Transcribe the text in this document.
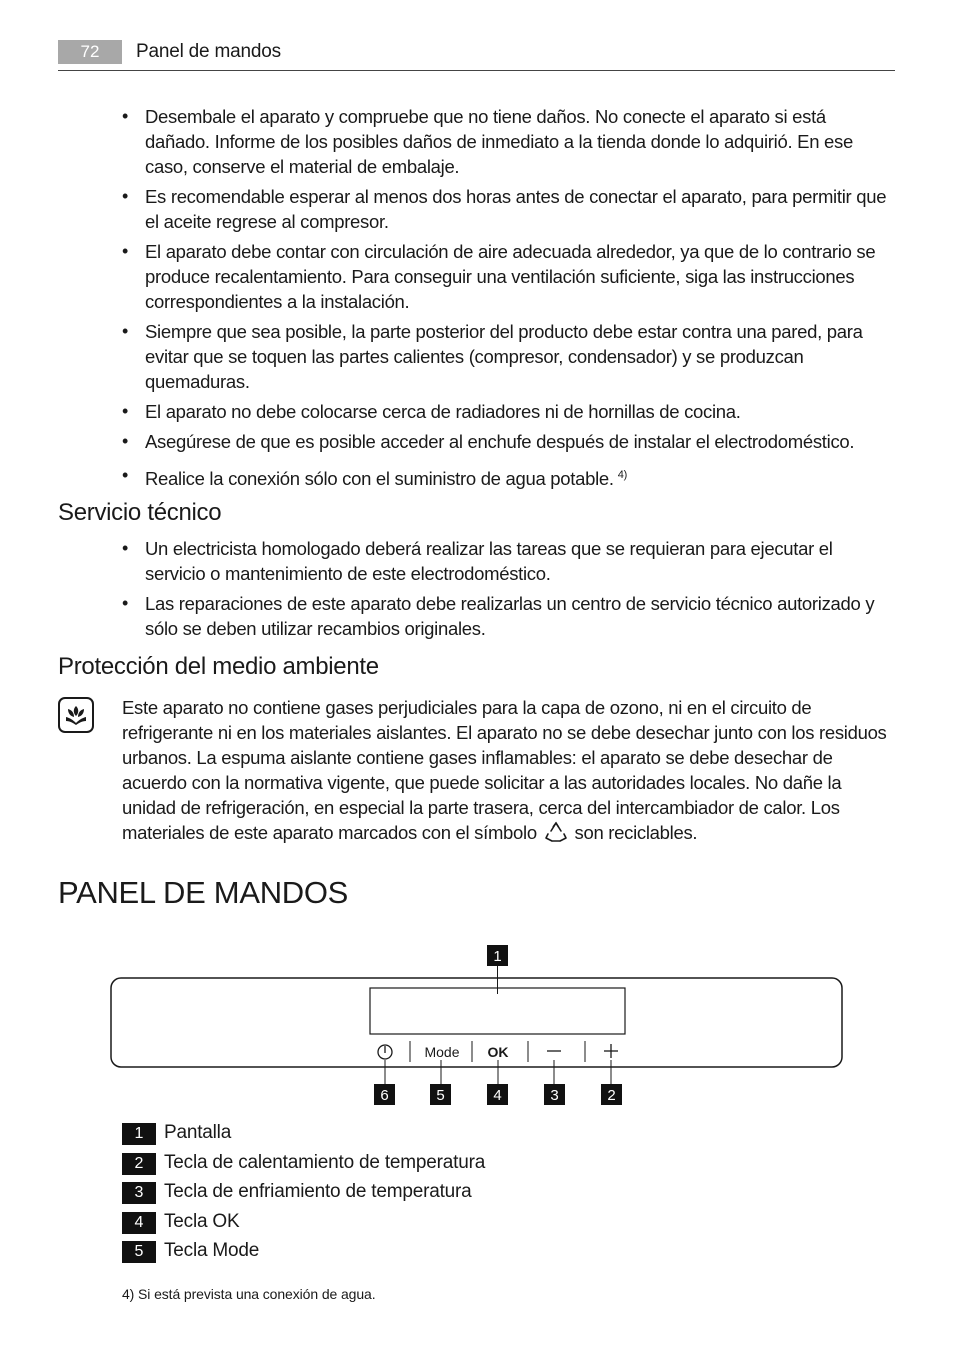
72	Panel de mandos
• Desembale el aparato y compruebe que no tiene daños. No conecte el aparato si está dañado. Informe de los posibles daños de inmediato a la tienda donde lo adquirió. En ese caso, conserve el material de embalaje.
• Es recomendable esperar al menos dos horas antes de conectar el aparato, para permitir que el aceite regrese al compresor.
• El aparato debe contar con circulación de aire adecuada alrededor, ya que de lo contrario se produce recalentamiento. Para conseguir una ventilación suficiente, siga las instrucciones correspondientes a la instalación.
• Siempre que sea posible, la parte posterior del producto debe estar contra una pared, para evitar que se toquen las partes calientes (compresor, condensador) y se produzcan quemaduras.
• El aparato no debe colocarse cerca de radiadores ni de hornillas de cocina.
• Asegúrese de que es posible acceder al enchufe después de instalar el electrodoméstico.
• Realice la conexión sólo con el suministro de agua potable. $^{4)}$
Servicio técnico
• Un electricista homologado deberá realizar las tareas que se requieran para ejecutar el servicio o mantenimiento de este electrodoméstico.
• Las reparaciones de este aparato debe realizarlas un centro de servicio técnico autorizado y sólo se deben utilizar recambios originales.
Protección del medio ambiente
Este aparato no contiene gases perjudiciales para la capa de ozono, ni en el circuito de refrigerante ni en los materiales aislantes. El aparato no se debe desechar junto con los residuos urbanos. La espuma aislante contiene gases inflamables: el aparato se debe desechar de acuerdo con la normativa vigente, que puede solicitar a las autoridades locales. No dañe la unidad de refrigeración, en especial la parte trasera, cerca del intercambiador de calor. Los materiales de este aparato marcados con el símbolo son reciclables.
PANEL DE MANDOS
1
Mode OK
6	5	4	3	2
1	Pantalla
2	Tecla de calentamiento de temperatura
3	Tecla de enfriamiento de temperatura
4	Tecla OK
5	Tecla Mode
4) Si está prevista una conexión de agua.
